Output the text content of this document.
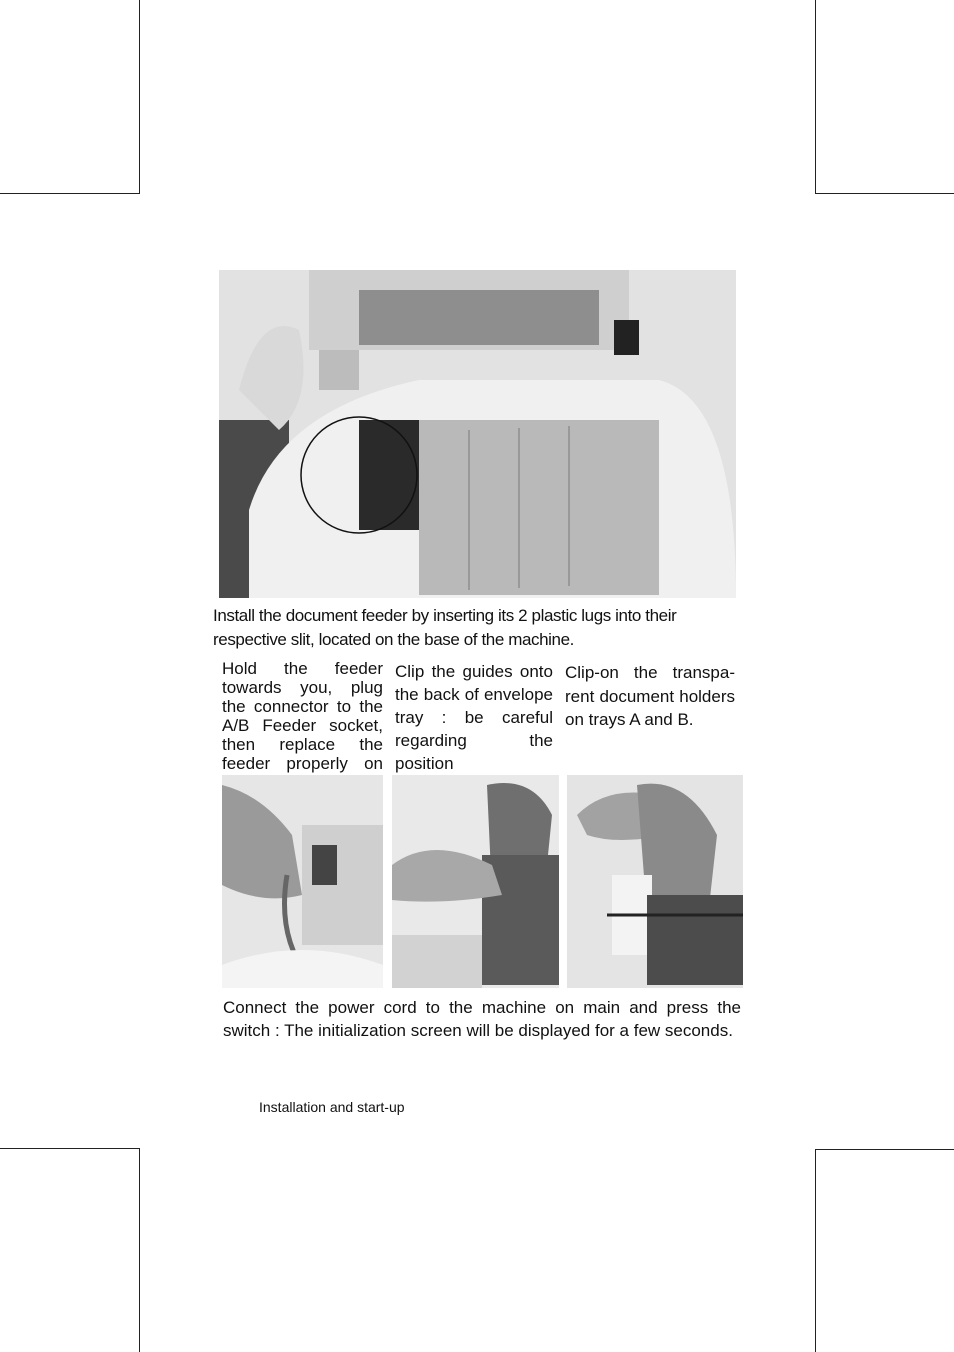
Install the document feeder by inserting its 2 plastic lugs into their respective slit, located on the base of the machine.

Hold the feeder towards you, plug the connector to the A/B Feeder socket, then replace the feeder properly on

Clip the guides onto the back of envelope tray : be careful regarding the position

Clip-on the transpa-rent document holders on trays A and B.

Connect the power cord to the machine on main and press the switch : The initialization screen will be displayed for a few seconds.

Installation and start-up
